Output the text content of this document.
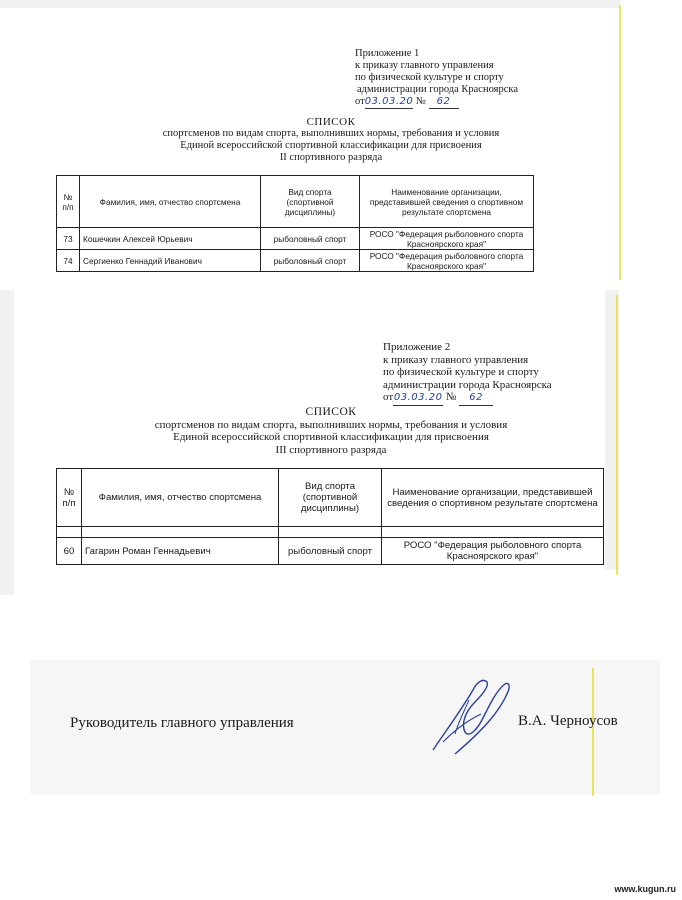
Приложение 1
к приказу главного управления
по физической культуре и спорту
администрации города Красноярска
от03.03.20 № 62
СПИСОК
спортсменов по видам спорта, выполнивших нормы, требования и условия
Единой всероссийской спортивной классификации для присвоения
II спортивного разряда
№ п/п	Фамилия, имя, отчество спортсмена	Вид спорта (спортивной дисциплины)	Наименование организации, представившей сведения о спортивном результате спортсмена
73	Кошечкин Алексей Юрьевич	рыболовный спорт	РОСО "Федерация рыболовного спорта Красноярского края"
74	Сергиенко Геннадий Иванович	рыболовный спорт	РОСО "Федерация рыболовного спорта Красноярского края"
Приложение 2
к приказу главного управления
по физической культуре и спорту
администрации города Красноярска
от03.03.20 № 62
СПИСОК
спортсменов по видам спорта, выполнивших нормы, требования и условия
Единой всероссийской спортивной классификации для присвоения
III спортивного разряда
№ п/п	Фамилия, имя, отчество спортсмена	Вид спорта (спортивной дисциплины)	Наименование организации, представившей сведения о спортивном результате спортсмена

60	Гагарин Роман Геннадьевич	рыболовный спорт	РОСО "Федерация рыболовного спорта Красноярского края"
Руководитель главного управления	В.А. Черноусов
www.kugun.ru
